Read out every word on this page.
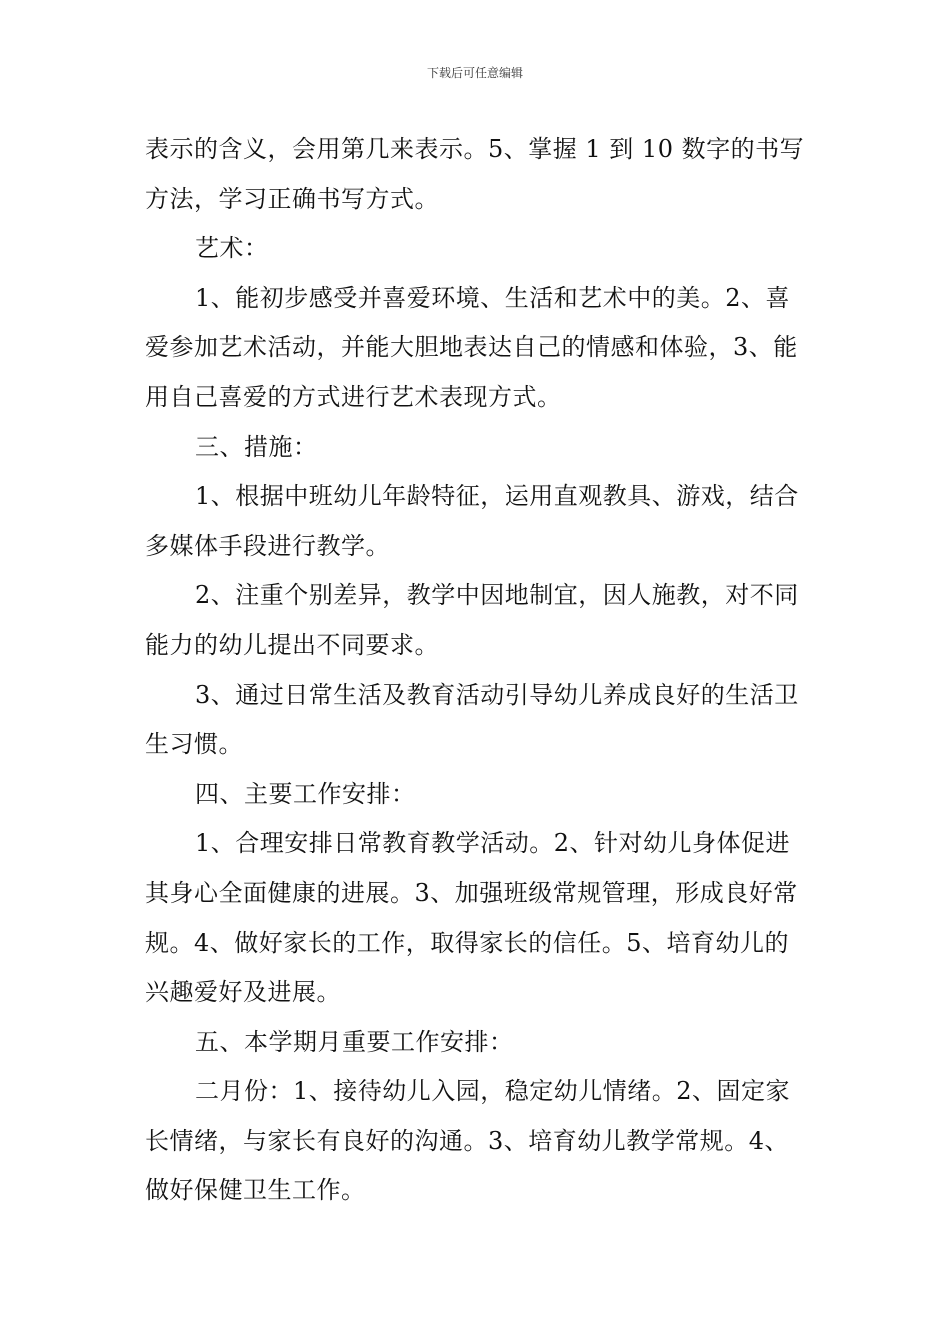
下载后可任意编辑

表示的含义，会用第几来表示。5、掌握 1 到 10 数字的书写方法，学习正确书写方式。

艺术：

1、能初步感受并喜爱环境、生活和艺术中的美。2、喜爱参加艺术活动，并能大胆地表达自己的情感和体验，3、能用自己喜爱的方式进行艺术表现方式。

三、措施：

1、根据中班幼儿年龄特征，运用直观教具、游戏，结合多媒体手段进行教学。

2、注重个别差异，教学中因地制宜，因人施教，对不同能力的幼儿提出不同要求。

3、通过日常生活及教育活动引导幼儿养成良好的生活卫生习惯。

四、主要工作安排：

1、合理安排日常教育教学活动。2、针对幼儿身体促进其身心全面健康的进展。3、加强班级常规管理，形成良好常规。4、做好家长的工作，取得家长的信任。5、培育幼儿的兴趣爱好及进展。

五、本学期月重要工作安排：

二月份：1、接待幼儿入园，稳定幼儿情绪。2、固定家长情绪，与家长有良好的沟通。3、培育幼儿教学常规。4、做好保健卫生工作。
